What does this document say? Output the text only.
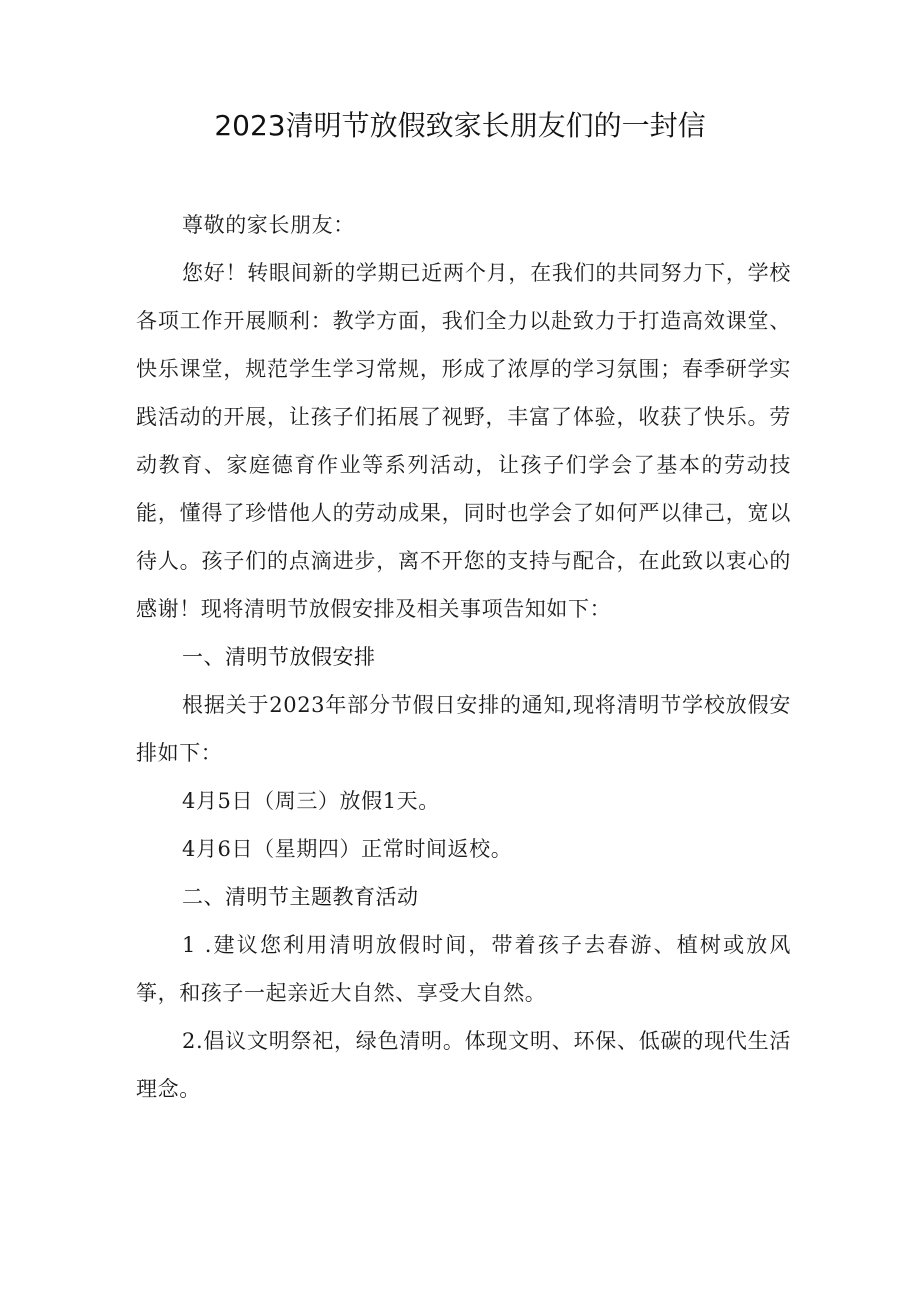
2023清明节放假致家长朋友们的一封信

尊敬的家长朋友：

您好！转眼间新的学期已近两个月，在我们的共同努力下，学校各项工作开展顺利：教学方面，我们全力以赴致力于打造高效课堂、快乐课堂，规范学生学习常规，形成了浓厚的学习氛围；春季研学实践活动的开展，让孩子们拓展了视野，丰富了体验，收获了快乐。劳动教育、家庭德育作业等系列活动，让孩子们学会了基本的劳动技能，懂得了珍惜他人的劳动成果，同时也学会了如何严以律己，宽以待人。孩子们的点滴进步，离不开您的支持与配合，在此致以衷心的感谢！现将清明节放假安排及相关事项告知如下：

一、清明节放假安排

根据关于2023年部分节假日安排的通知,现将清明节学校放假安排如下：

4月5日（周三）放假1天。

4月6日（星期四）正常时间返校。

二、清明节主题教育活动

1 .建议您利用清明放假时间，带着孩子去春游、植树或放风筝，和孩子一起亲近大自然、享受大自然。

2.倡议文明祭祀，绿色清明。体现文明、环保、低碳的现代生活理念。
